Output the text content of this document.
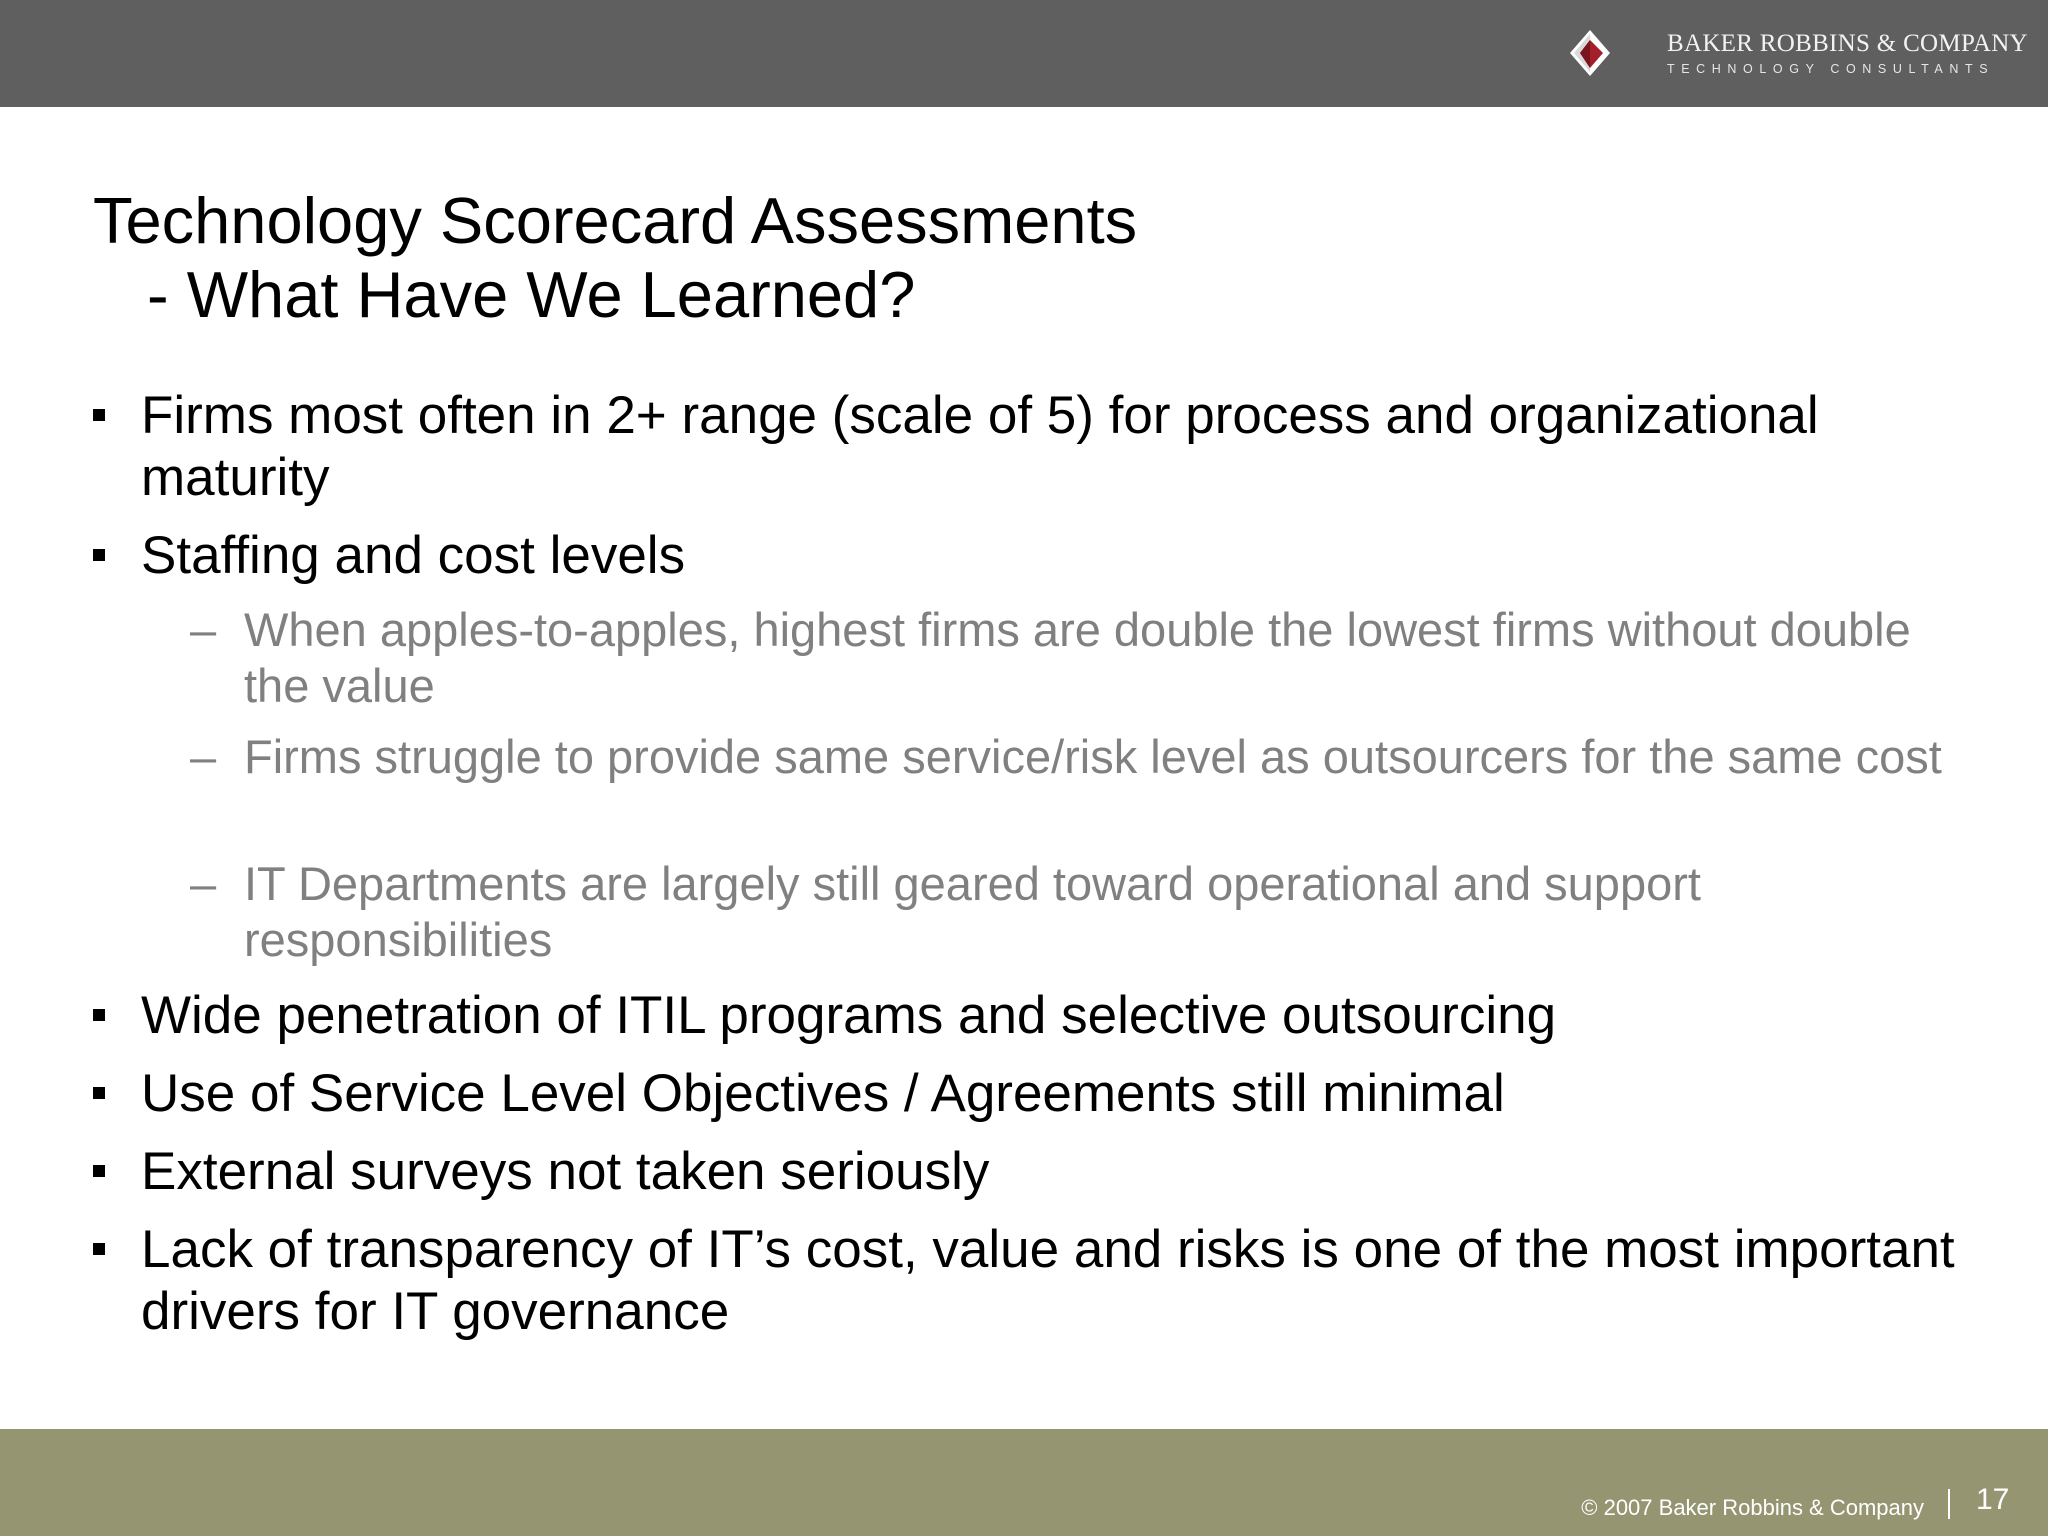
BAKER ROBBINS & COMPANY
TECHNOLOGY CONSULTANTS
Technology Scorecard Assessments
- What Have We Learned?
Firms most often in 2+ range (scale of 5) for process and organizational maturity
Staffing and cost levels
– When apples-to-apples, highest firms are double the lowest firms without double the value
– Firms struggle to provide same service/risk level as outsourcers for the same cost
– IT Departments are largely still geared toward operational and support responsibilities
Wide penetration of ITIL programs and selective outsourcing
Use of Service Level Objectives / Agreements still minimal
External surveys not taken seriously
Lack of transparency of IT’s cost, value and risks is one of the most important drivers for IT governance
© 2007 Baker Robbins & Company 17
